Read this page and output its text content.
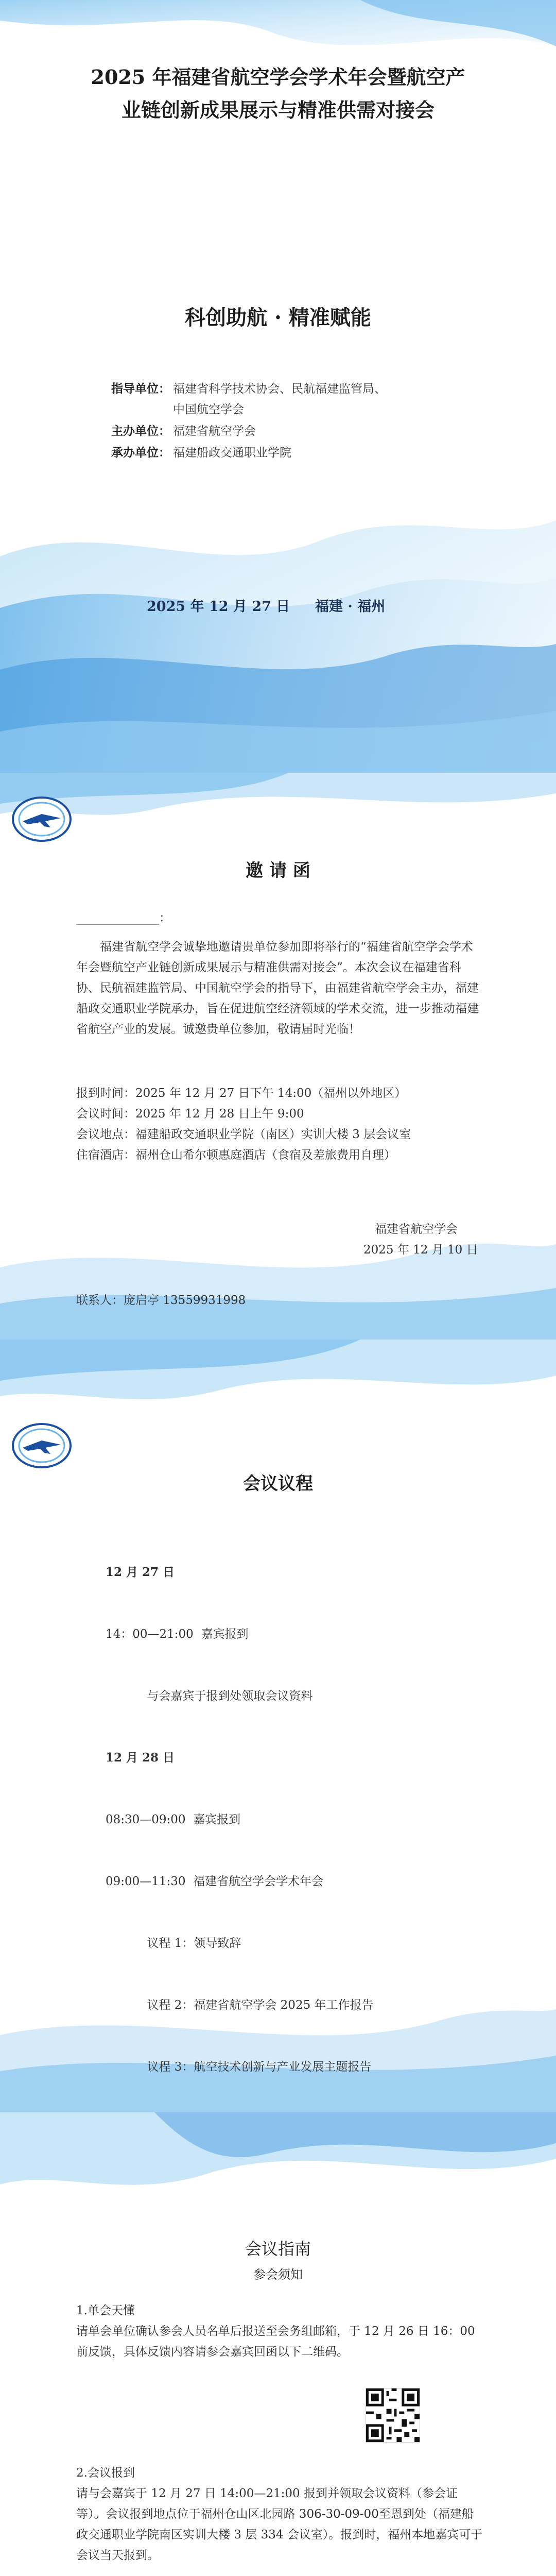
2025 年福建省航空学会学术年会暨航空产
业链创新成果展示与精准供需对接会
科创助航 · 精准赋能
指导单位： 福建省科学技术协会、民航福建监管局、
中国航空学会
主办单位： 福建省航空学会
承办单位： 福建船政交通职业学院
2025 年 12 月 27 日 福建 · 福州
邀 请 函
______________：
福建省航空学会诚挚地邀请贵单位参加即将举行的“福建省航空学会学术年会暨航空产业链创新成果展示与精准供需对接会”。本次会议在福建省科协、民航福建监管局、中国航空学会的指导下，由福建省航空学会主办，福建船政交通职业学院承办，旨在促进航空经济领域的学术交流，进一步推动福建省航空产业的发展。诚邀贵单位参加，敬请届时光临！

报到时间：2025 年 12 月 27 日下午 14:00（福州以外地区）

会议时间：2025 年 12 月 28 日上午 9:00

会议地点：福建船政交通职业学院（南区）实训大楼 3 层会议室

住宿酒店：福州仓山希尔顿惠庭酒店（食宿及差旅费用自理）

福建省航空学会
2025 年 12 月 10 日
联系人：庞启亭 13559931998
会议议程

12 月 27 日

14：00—21:00  嘉宾报到

与会嘉宾于报到处领取会议资料

12 月 28 日

08:30—09:00  嘉宾报到

09:00—11:30  福建省航空学会学术年会

议程 1：领导致辞

议程 2：福建省航空学会 2025 年工作报告

议程 3：航空技术创新与产业发展主题报告

会议指南
参会须知

1.单会天懂

请单会单位确认参会人员名单后报送至会务组邮箱，于 12 月 26 日 16：00 前反馈，具体反馈内容请参会嘉宾回函以下二维码。

2.会议报到

请与会嘉宾于 12 月 27 日 14:00—21:00 报到并领取会议资料（参会证等）。会议报到地点位于福州仓山区北园路 306-30-09-00至恩到处（福建船政交通职业学院南区实训大楼 3 层 334 会议室）。报到时，福州本地嘉宾可于会议当天报到。
